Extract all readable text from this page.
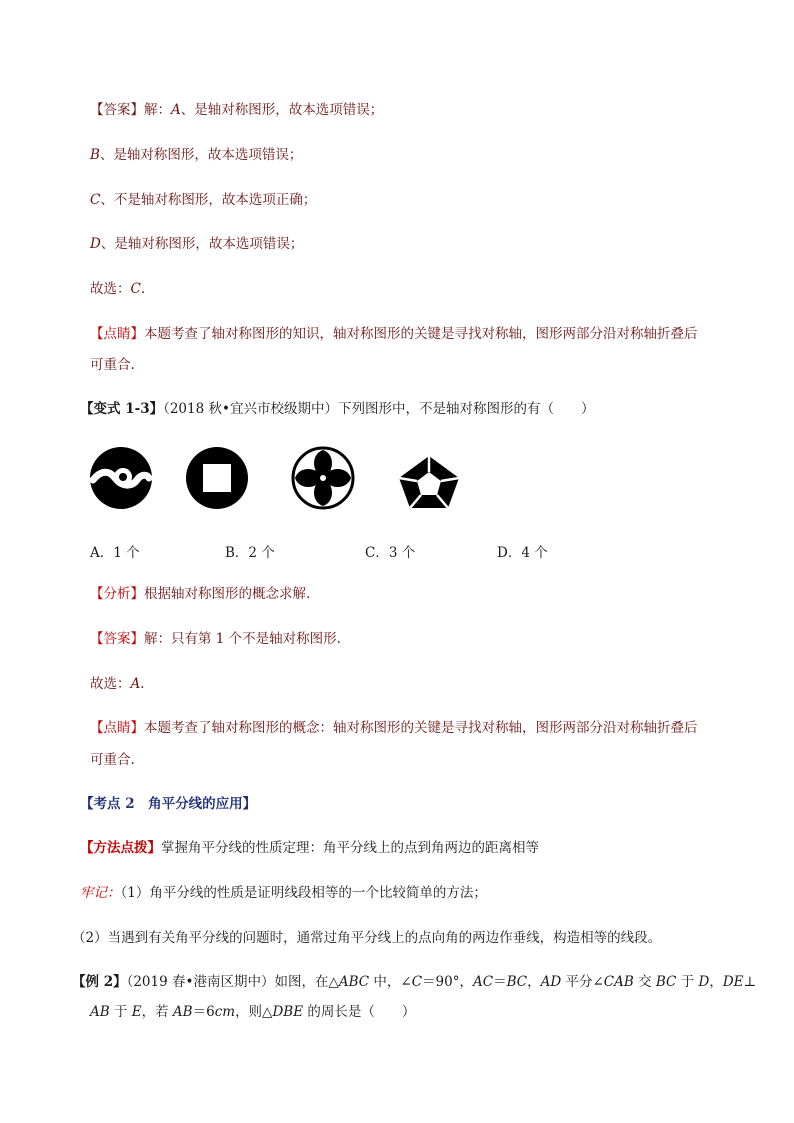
【答案】解：A、是轴对称图形，故本选项错误；
B、是轴对称图形，故本选项错误；
C、不是轴对称图形，故本选项正确；
D、是轴对称图形，故本选项错误；
故选：C.
【点睛】本题考查了轴对称图形的知识，轴对称图形的关键是寻找对称轴，图形两部分沿对称轴折叠后
可重合.
【变式 1-3】（2018 秋•宜兴市校级期中）下列图形中，不是轴对称图形的有（　　）
A．1 个	B．2 个	C．3 个	D．4 个
【分析】根据轴对称图形的概念求解.
【答案】解：只有第 1 个不是轴对称图形.
故选：A.
【点睛】本题考查了轴对称图形的概念：轴对称图形的关键是寻找对称轴，图形两部分沿对称轴折叠后
可重合.
【考点 2　角平分线的应用】
【方法点拨】掌握角平分线的性质定理：角平分线上的点到角两边的距离相等
牢记：（1）角平分线的性质是证明线段相等的一个比较简单的方法；
（2）当遇到有关角平分线的问题时，通常过角平分线上的点向角的两边作垂线，构造相等的线段。
【例 2】（2019 春•港南区期中）如图，在△ABC 中，∠C＝90°，AC＝BC，AD 平分∠CAB 交 BC 于 D，DE⊥
AB 于 E，若 AB＝6cm，则△DBE 的周长是（　　）
